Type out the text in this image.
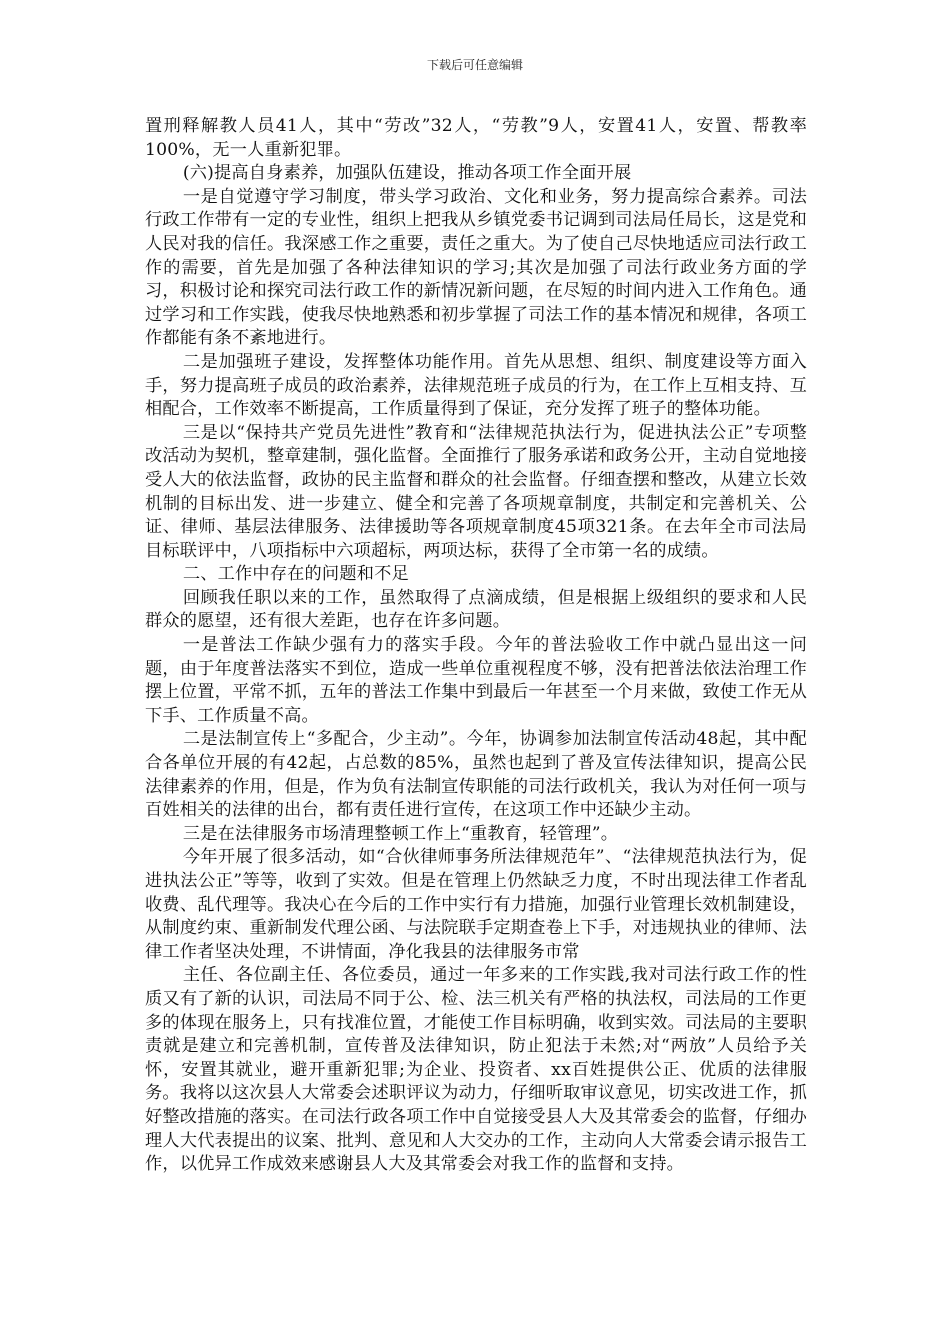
下载后可任意编辑

置刑释解教人员41人，其中“劳改”32人，“劳教”9人，安置41人，安置、帮教率100%，无一人重新犯罪。

(六)提高自身素养，加强队伍建设，推动各项工作全面开展

一是自觉遵守学习制度，带头学习政治、文化和业务，努力提高综合素养。司法行政工作带有一定的专业性，组织上把我从乡镇党委书记调到司法局任局长，这是党和人民对我的信任。我深感工作之重要，责任之重大。为了使自己尽快地适应司法行政工作的需要，首先是加强了各种法律知识的学习;其次是加强了司法行政业务方面的学习，积极讨论和探究司法行政工作的新情况新问题，在尽短的时间内进入工作角色。通过学习和工作实践，使我尽快地熟悉和初步掌握了司法工作的基本情况和规律，各项工作都能有条不紊地进行。

二是加强班子建设，发挥整体功能作用。首先从思想、组织、制度建设等方面入手，努力提高班子成员的政治素养，法律规范班子成员的行为，在工作上互相支持、互相配合，工作效率不断提高，工作质量得到了保证，充分发挥了班子的整体功能。

三是以“保持共产党员先进性”教育和“法律规范执法行为，促进执法公正”专项整改活动为契机，整章建制，强化监督。全面推行了服务承诺和政务公开，主动自觉地接受人大的依法监督，政协的民主监督和群众的社会监督。仔细查摆和整改，从建立长效机制的目标出发、进一步建立、健全和完善了各项规章制度，共制定和完善机关、公证、律师、基层法律服务、法律援助等各项规章制度45项321条。在去年全市司法局目标联评中，八项指标中六项超标，两项达标，获得了全市第一名的成绩。

二、工作中存在的问题和不足

回顾我任职以来的工作，虽然取得了点滴成绩，但是根据上级组织的要求和人民群众的愿望，还有很大差距，也存在许多问题。

一是普法工作缺少强有力的落实手段。今年的普法验收工作中就凸显出这一问题，由于年度普法落实不到位，造成一些单位重视程度不够，没有把普法依法治理工作摆上位置，平常不抓，五年的普法工作集中到最后一年甚至一个月来做，致使工作无从下手、工作质量不高。

二是法制宣传上“多配合，少主动”。今年，协调参加法制宣传活动48起，其中配合各单位开展的有42起，占总数的85%，虽然也起到了普及宣传法律知识，提高公民法律素养的作用，但是，作为负有法制宣传职能的司法行政机关，我认为对任何一项与百姓相关的法律的出台，都有责任进行宣传，在这项工作中还缺少主动。

三是在法律服务市场清理整顿工作上“重教育，轻管理”。

今年开展了很多活动，如“合伙律师事务所法律规范年”、“法律规范执法行为，促进执法公正”等等，收到了实效。但是在管理上仍然缺乏力度，不时出现法律工作者乱收费、乱代理等。我决心在今后的工作中实行有力措施，加强行业管理长效机制建设，从制度约束、重新制发代理公函、与法院联手定期查卷上下手，对违规执业的律师、法律工作者坚决处理，不讲情面，净化我县的法律服务市常

主任、各位副主任、各位委员，通过一年多来的工作实践,我对司法行政工作的性质又有了新的认识，司法局不同于公、检、法三机关有严格的执法权，司法局的工作更多的体现在服务上，只有找准位置，才能使工作目标明确，收到实效。司法局的主要职责就是建立和完善机制，宣传普及法律知识，防止犯法于未然;对“两放”人员给予关怀，安置其就业，避开重新犯罪;为企业、投资者、xx百姓提供公正、优质的法律服务。我将以这次县人大常委会述职评议为动力，仔细听取审议意见，切实改进工作，抓好整改措施的落实。在司法行政各项工作中自觉接受县人大及其常委会的监督，仔细办理人大代表提出的议案、批判、意见和人大交办的工作，主动向人大常委会请示报告工作，以优异工作成效来感谢县人大及其常委会对我工作的监督和支持。
